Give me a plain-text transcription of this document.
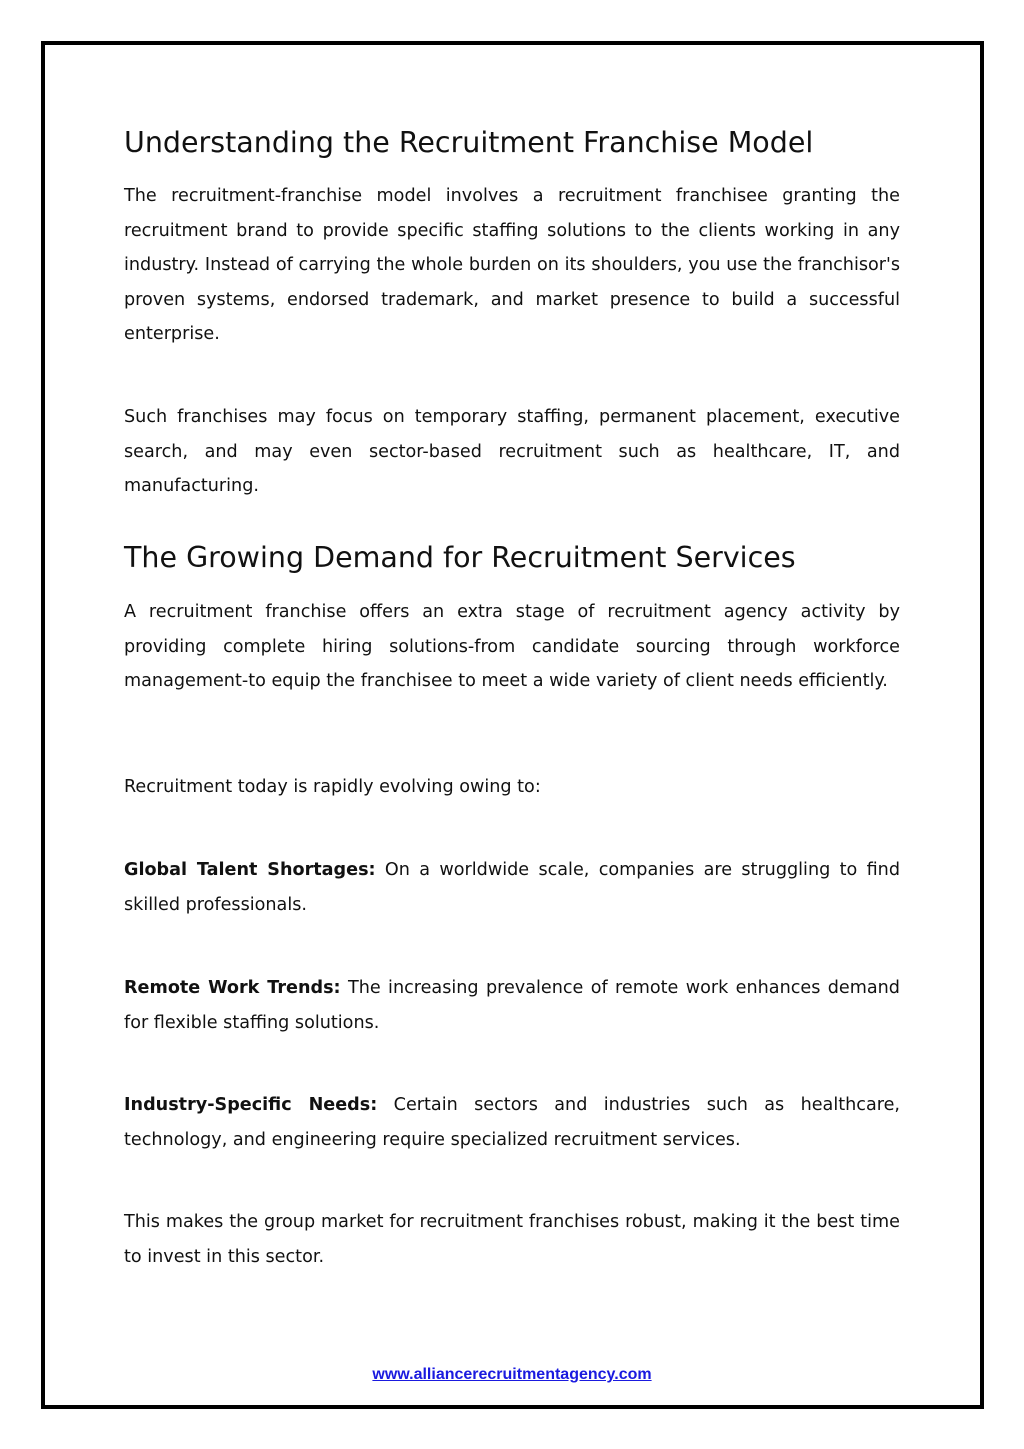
Understanding the Recruitment Franchise Model

The recruitment-franchise model involves a recruitment franchisee granting the recruitment brand to provide specific staffing solutions to the clients working in any industry. Instead of carrying the whole burden on its shoulders, you use the franchisor's proven systems, endorsed trademark, and market presence to build a successful enterprise.

Such franchises may focus on temporary staffing, permanent placement, executive search, and may even sector-based recruitment such as healthcare, IT, and manufacturing.

The Growing Demand for Recruitment Services

A recruitment franchise offers an extra stage of recruitment agency activity by providing complete hiring solutions-from candidate sourcing through workforce management-to equip the franchisee to meet a wide variety of client needs efficiently.

Recruitment today is rapidly evolving owing to:

Global Talent Shortages: On a worldwide scale, companies are struggling to find skilled professionals.

Remote Work Trends: The increasing prevalence of remote work enhances demand for flexible staffing solutions.

Industry-Specific Needs: Certain sectors and industries such as healthcare, technology, and engineering require specialized recruitment services.

This makes the group market for recruitment franchises robust, making it the best time to invest in this sector.

www.alliancerecruitmentagency.com
